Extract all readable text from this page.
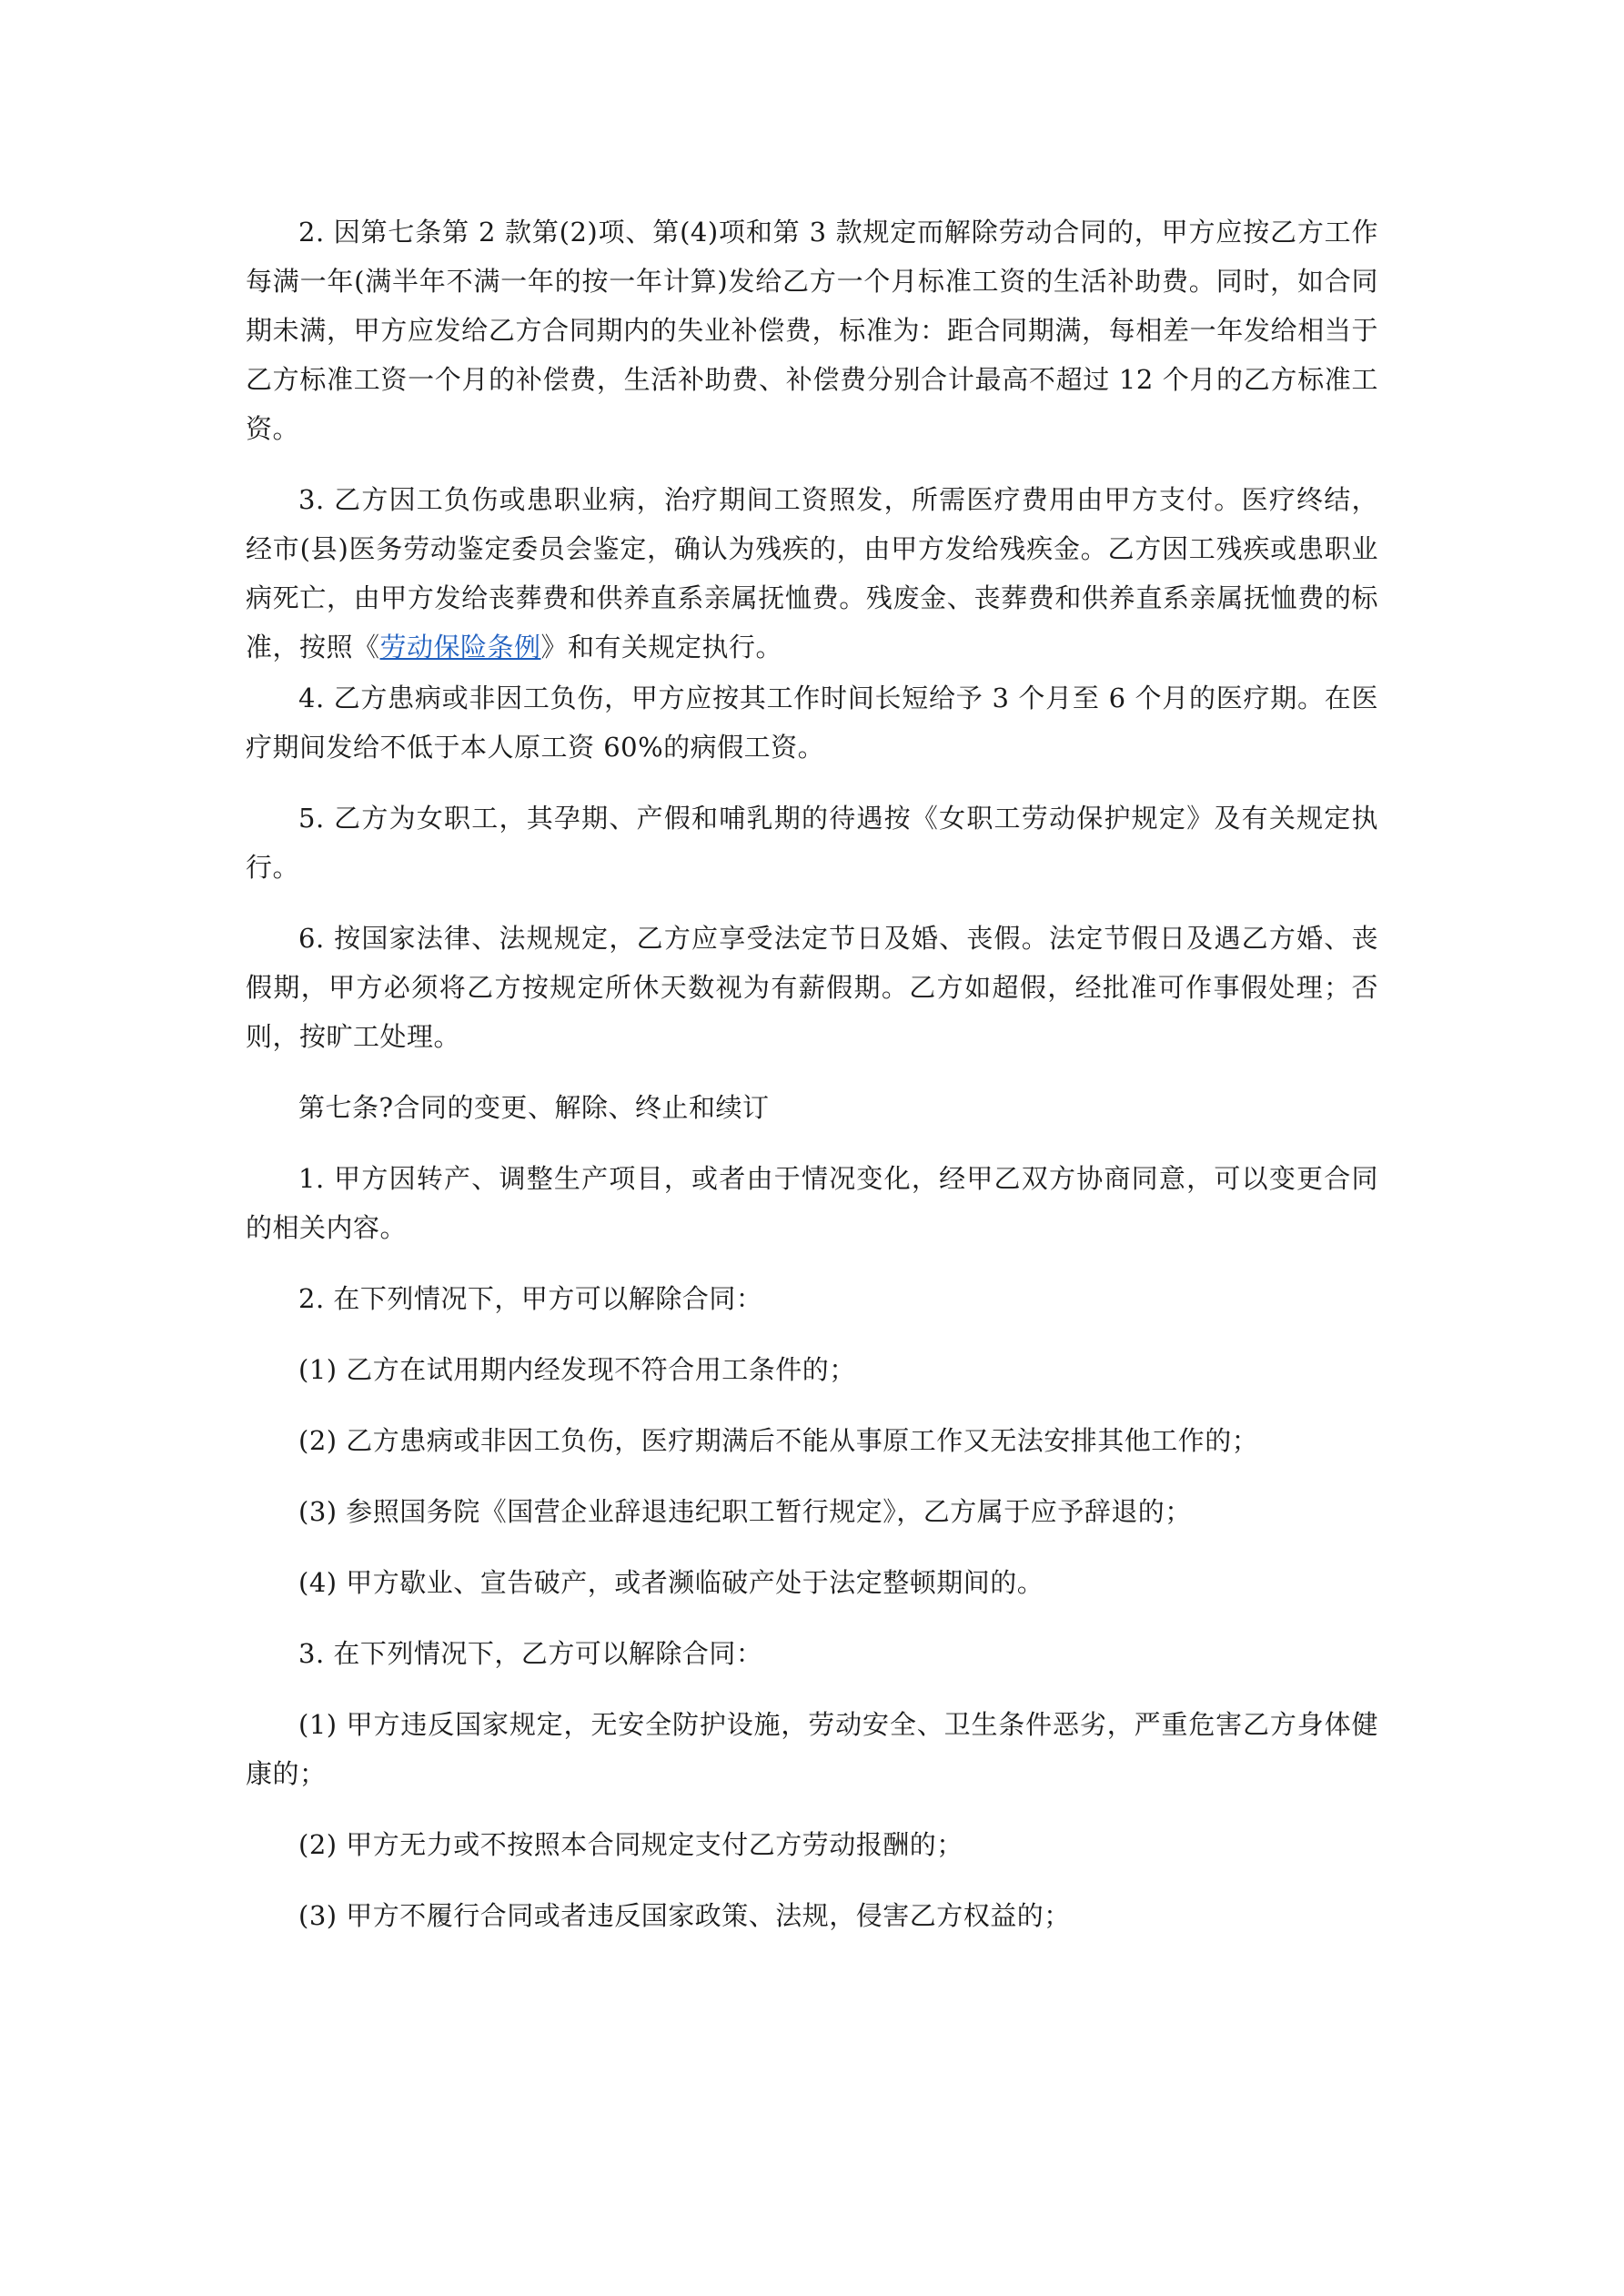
2. 因第七条第 2 款第(2)项、第(4)项和第 3 款规定而解除劳动合同的，甲方应按乙方工作每满一年(满半年不满一年的按一年计算)发给乙方一个月标准工资的生活补助费。同时，如合同期未满，甲方应发给乙方合同期内的失业补偿费，标准为：距合同期满，每相差一年发给相当于乙方标准工资一个月的补偿费，生活补助费、补偿费分别合计最高不超过 12 个月的乙方标准工资。

3. 乙方因工负伤或患职业病，治疗期间工资照发，所需医疗费用由甲方支付。医疗终结，经市(县)医务劳动鉴定委员会鉴定，确认为残疾的，由甲方发给残疾金。乙方因工残疾或患职业病死亡，由甲方发给丧葬费和供养直系亲属抚恤费。残废金、丧葬费和供养直系亲属抚恤费的标准，按照《劳动保险条例》和有关规定执行。

4. 乙方患病或非因工负伤，甲方应按其工作时间长短给予 3 个月至 6 个月的医疗期。在医疗期间发给不低于本人原工资 60%的病假工资。

5. 乙方为女职工，其孕期、产假和哺乳期的待遇按《女职工劳动保护规定》及有关规定执行。

6. 按国家法律、法规规定，乙方应享受法定节日及婚、丧假。法定节假日及遇乙方婚、丧假期，甲方必须将乙方按规定所休天数视为有薪假期。乙方如超假，经批准可作事假处理；否则，按旷工处理。

第七条?合同的变更、解除、终止和续订

1. 甲方因转产、调整生产项目，或者由于情况变化，经甲乙双方协商同意，可以变更合同的相关内容。

2. 在下列情况下，甲方可以解除合同：

(1) 乙方在试用期内经发现不符合用工条件的；

(2) 乙方患病或非因工负伤，医疗期满后不能从事原工作又无法安排其他工作的；

(3) 参照国务院《国营企业辞退违纪职工暂行规定》，乙方属于应予辞退的；

(4) 甲方歇业、宣告破产，或者濒临破产处于法定整顿期间的。

3. 在下列情况下，乙方可以解除合同：

(1) 甲方违反国家规定，无安全防护设施，劳动安全、卫生条件恶劣，严重危害乙方身体健康的；

(2) 甲方无力或不按照本合同规定支付乙方劳动报酬的；

(3) 甲方不履行合同或者违反国家政策、法规，侵害乙方权益的；
